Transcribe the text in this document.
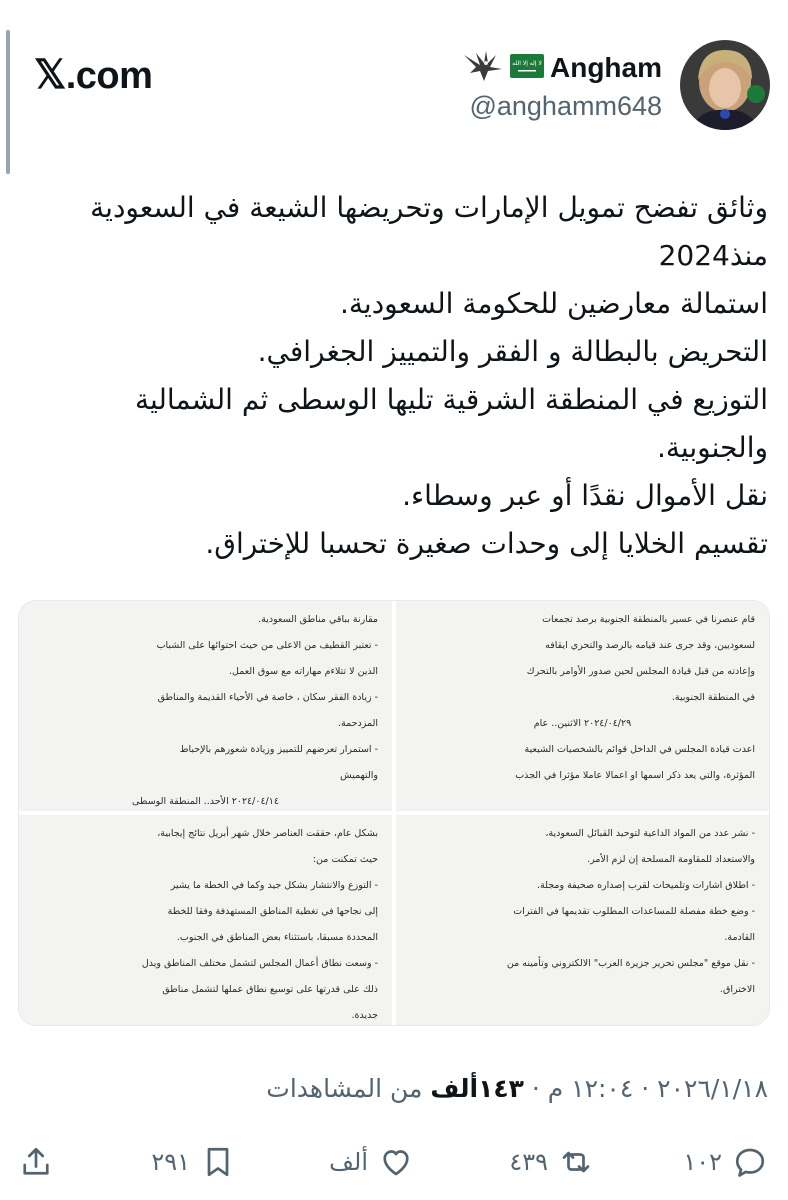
𝕏.com	لا إله إلا الله Angham
@anghamm648

وثائق تفضح تمويل الإمارات وتحريضها الشيعة في السعودية منذ2024

استمالة معارضين للحكومة السعودية.

التحريض بالبطالة و الفقر والتمييز الجغرافي.

التوزيع في المنطقة الشرقية تليها الوسطى ثم الشمالية والجنوبية.

نقل الأموال نقدًا أو عبر وسطاء.

تقسيم الخلايا إلى وحدات صغيرة تحسبا للإختراق.

مقارنة بباقي مناطق السعودية.
- تعتبر القطيف من الاعلى من حيث احتوائها على الشباب
الذين لا تتلاءم مهاراته مع سوق العمل.
- زيادة الفقر سكان ، خاصة في الأحياء القديمة والمناطق
المزدحمة.
- استمرار تعرضهم للتمييز وزيادة شعورهم بالإحباط
والتهميش
٢٠٢٤/٠٤/١٤ الأحد.. المنطقة الوسطى
قام عنصرنا في عسير بالمنطقة الجنوبية برصد تجمعات
لسعوديين، وقد جرى عند قيامه بالرصد والتحري ايقافه
وإعادته من قبل قيادة المجلس لحين صدور الأوامر بالتحرك
في المنطقة الجنوبية.
٢٠٢٤/٠٤/٢٩ الاثنين.. عام
اعدت قيادة المجلس في الداخل قوائم بالشخصيات الشيعية
المؤثرة، والتي يعد ذكر اسمها او اعمالا عاملا مؤثرا في الجذب
بشكل عام، حققت العناصر خلال شهر أبريل نتائج إيجابية،
حيث تمكنت من:
- التوزع والانتشار بشكل جيد وكما في الخطة ما يشير
إلى نجاحها في تغطية المناطق المستهدفة وفقا للخطة
المحددة مسبقا، باستثناء بعض المناطق في الجنوب.
- وسعت نطاق أعمال المجلس لتشمل مختلف المناطق ويدل
ذلك على قدرتها على توسيع نطاق عملها لتشمل مناطق
جديدة.
- نشر عدد من المواد الداعية لتوحيد القبائل السعودية،
والاستعداد للمقاومة المسلحة إن لزم الأمر.
- اطلاق اشارات وتلميحات لقرب إصداره صحيفة ومجلة.
- وضع خطة مفصلة للمساعدات المطلوب تقديمها في الفترات
القادمة.
- نقل موقع "مجلس تحرير جزيرة العرب" الالكتروني وتأمينه من
الاختراق.
٢٠٢٦/١/١٨ · ١٢:٠٤ م · ١٤٣ألف من المشاهدات
١٠٢
٤٣٩
ألف
٢٩١
